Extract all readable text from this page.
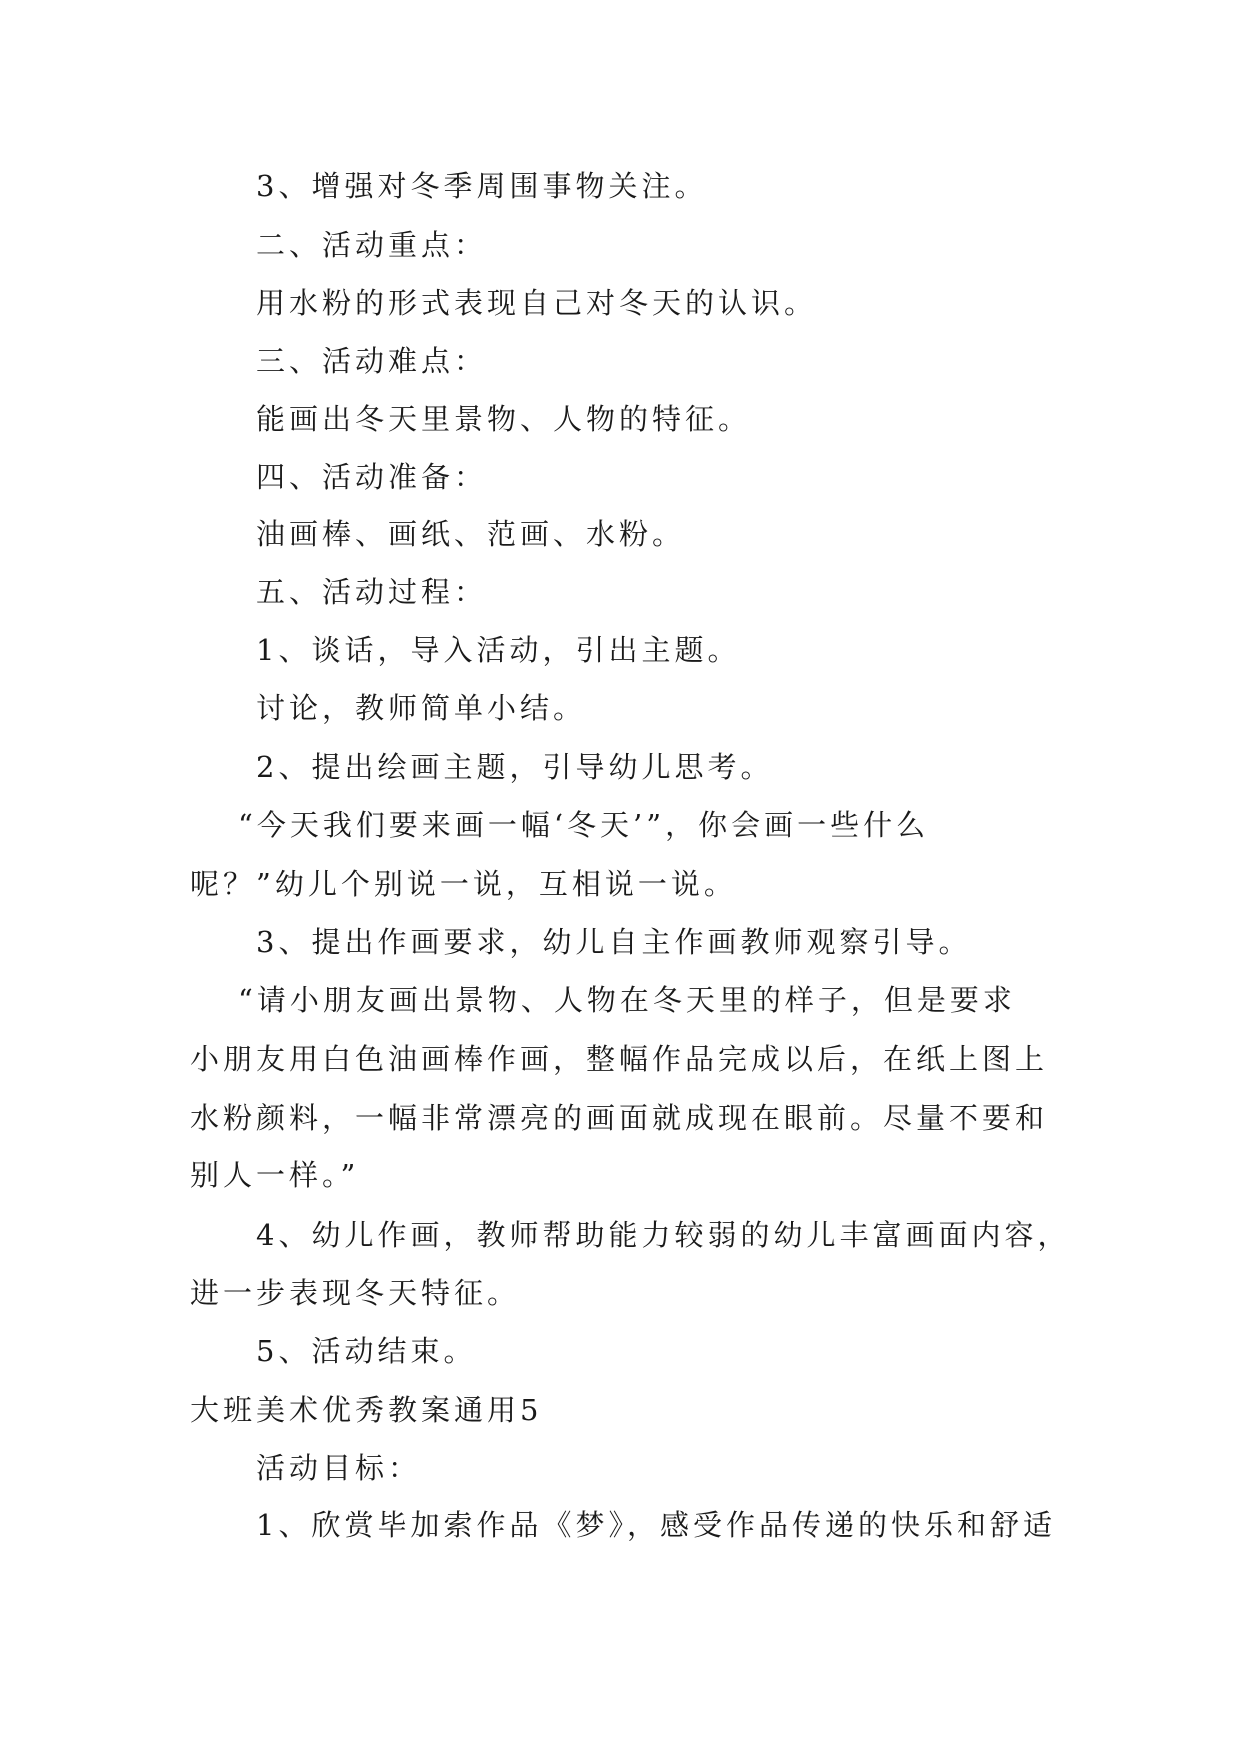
3、增强对冬季周围事物关注。
二、活动重点：
用水粉的形式表现自己对冬天的认识。
三、活动难点：
能画出冬天里景物、人物的特征。
四、活动准备：
油画棒、画纸、范画、水粉。
五、活动过程：
1、谈话，导入活动，引出主题。
讨论，教师简单小结。
2、提出绘画主题，引导幼儿思考。
“今天我们要来画一幅‘冬天’”，你会画一些什么
呢？”幼儿个别说一说，互相说一说。
3、提出作画要求，幼儿自主作画教师观察引导。
“请小朋友画出景物、人物在冬天里的样子，但是要求
小朋友用白色油画棒作画，整幅作品完成以后，在纸上图上
水粉颜料，一幅非常漂亮的画面就成现在眼前。尽量不要和
别人一样。”
4、幼儿作画，教师帮助能力较弱的幼儿丰富画面内容，
进一步表现冬天特征。
5、活动结束。
大班美术优秀教案通用5
活动目标：
1、欣赏毕加索作品《梦》，感受作品传递的快乐和舒适
